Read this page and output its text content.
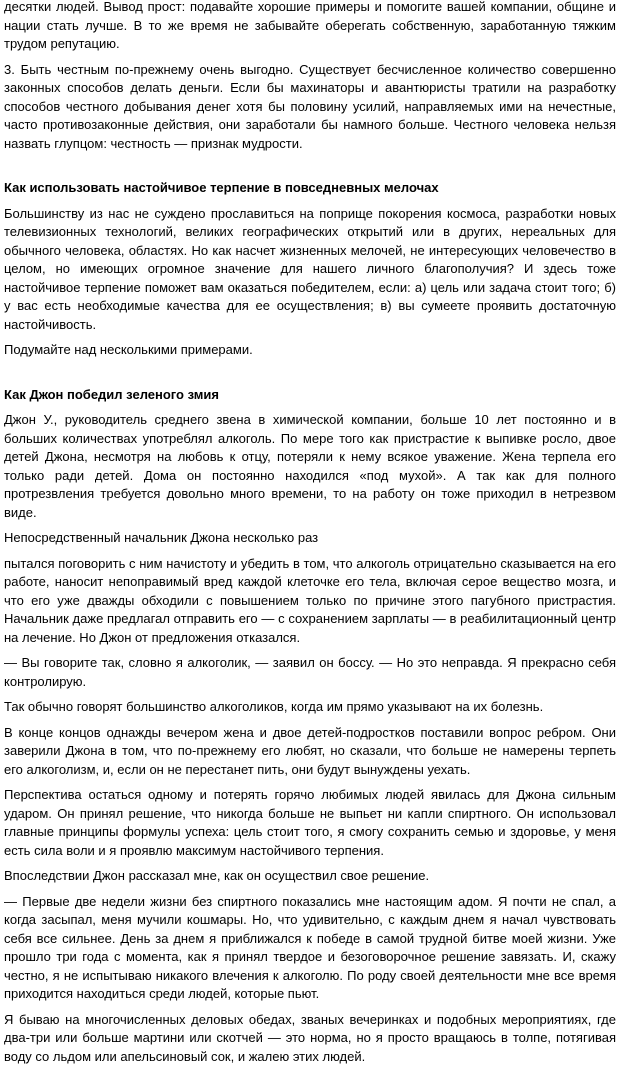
десятки людей. Вывод прост: подавайте хорошие примеры и помогите вашей компании, общине и нации стать лучше. В то же время не забывайте оберегать собственную, заработанную тяжким трудом репутацию.

3. Быть честным по-прежнему очень выгодно. Существует бесчисленное количество совершенно законных способов делать деньги. Если бы махинаторы и авантюристы тратили на разработку способов честного добывания денег хотя бы половину усилий, направляемых ими на нечестные, часто противозаконные действия, они заработали бы намного больше. Честного человека нельзя назвать глупцом: честность — признак мудрости.

Как использовать настойчивое терпение в повседневных мелочах

Большинству из нас не суждено прославиться на поприще покорения космоса, разработки новых телевизионных технологий, великих географических открытий или в других, нереальных для обычного человека, областях. Но как насчет жизненных мелочей, не интересующих человечество в целом, но имеющих огромное значение для нашего личного благополучия? И здесь тоже настойчивое терпение поможет вам оказаться победителем, если: а) цель или задача стоит того; б) у вас есть необходимые качества для ее осуществления; в) вы сумеете проявить достаточную настойчивость.

Подумайте над несколькими примерами.

Как Джон победил зеленого змия

Джон У., руководитель среднего звена в химической компании, больше 10 лет постоянно и в больших количествах употреблял алкоголь. По мере того как пристрастие к выпивке росло, двое детей Джона, несмотря на любовь к отцу, потеряли к нему всякое уважение. Жена терпела его только ради детей. Дома он постоянно находился «под мухой». А так как для полного протрезвления требуется довольно много времени, то на работу он тоже приходил в нетрезвом виде.

Непосредственный начальник Джона несколько раз

пытался поговорить с ним начистоту и убедить в том, что алкоголь отрицательно сказывается на его работе, наносит непоправимый вред каждой клеточке его тела, включая серое вещество мозга, и что его уже дважды обходили с повышением только по причине этого пагубного пристрастия. Начальник даже предлагал отправить его — с сохранением зарплаты — в реабилитационный центр на лечение. Но Джон от предложения отказался.

— Вы говорите так, словно я алкоголик, — заявил он боссу. — Но это неправда. Я прекрасно себя контролирую.

Так обычно говорят большинство алкоголиков, когда им прямо указывают на их болезнь.

В конце концов однажды вечером жена и двое детей-подростков поставили вопрос ребром. Они заверили Джона в том, что по-прежнему его любят, но сказали, что больше не намерены терпеть его алкоголизм, и, если он не перестанет пить, они будут вынуждены уехать.

Перспектива остаться одному и потерять горячо любимых людей явилась для Джона сильным ударом. Он принял решение, что никогда больше не выпьет ни капли спиртного. Он использовал главные принципы формулы успеха: цель стоит того, я смогу сохранить семью и здоровье, у меня есть сила воли и я проявлю максимум настойчивого терпения.

Впоследствии Джон рассказал мне, как он осуществил свое решение.

— Первые две недели жизни без спиртного показались мне настоящим адом. Я почти не спал, а когда засыпал, меня мучили кошмары. Но, что удивительно, с каждым днем я начал чувствовать себя все сильнее. День за днем я приближался к победе в самой трудной битве моей жизни. Уже прошло три года с момента, как я принял твердое и безоговорочное решение завязать. И, скажу честно, я не испытываю никакого влечения к алкоголю. По роду своей деятельности мне все время приходится находиться среди людей, которые пьют.

Я бываю на многочисленных деловых обедах, званых вечеринках и подобных мероприятиях, где два-три или больше мартини или скотчей — это норма, но я просто вращаюсь в толпе, потягивая воду со льдом или апельсиновый сок, и жалею этих людей.
